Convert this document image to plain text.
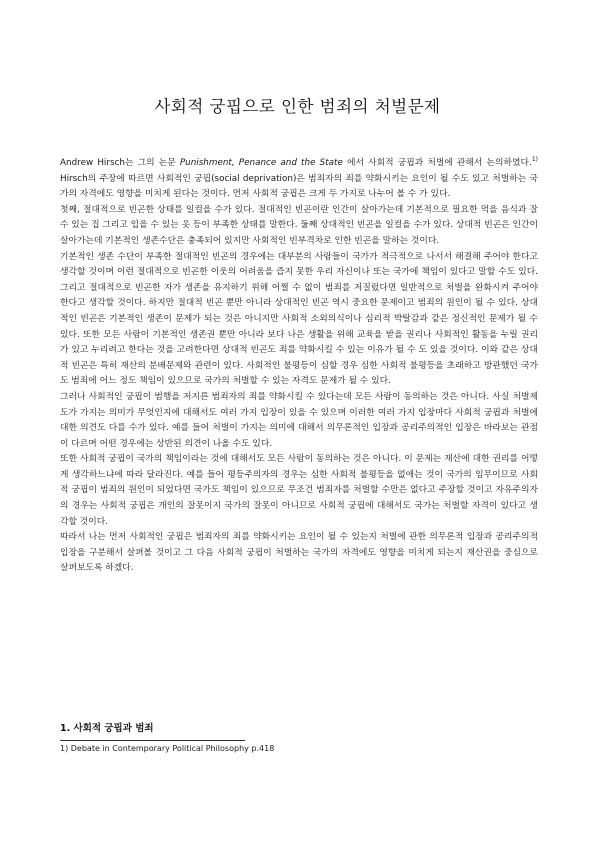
사회적 궁핍으로 인한 범죄의 처벌문제

Andrew Hirsch는 그의 논문 Punishment, Penance and the State 에서 사회적 궁핍과 처벌에 관해서 논의하였다.$^{1)}$ Hirsch의 주장에 따르면 사회적인 궁핍(social deprivation)은 범죄자의 죄를 약화시키는 요인이 될 수도 있고 처벌하는 국가의 자격에도 영향을 미치게 된다는 것이다. 먼저 사회적 궁핍은 크게 두 가지로 나누어 볼 수 가 있다.

첫째, 절대적으로 빈곤한 상태를 일컬을 수가 있다. 절대적인 빈곤이란 인간이 살아가는데 기본적으로 필요한 먹을 음식과 잘 수 있는 집 그리고 입을 수 있는 옷 등이 부족한 상태를 말한다. 둘째 상대적인 빈곤을 일컬을 수가 있다. 상대적 빈곤은 인간이 살아가는데 기본적인 생존수단은 충족되어 있지만 사회적인 빈부격차로 인한 빈곤을 말하는 것이다.

기본적인 생존 수단이 부족한 절대적인 빈곤의 경우에는 대부분의 사람들이 국가가 적극적으로 나서서 해결해 주어야 한다고 생각할 것이며 이런 절대적으로 빈곤한 이웃의 어려움을 즙지 못한 우리 자신이나 또는 국가에 책임이 있다고 말할 수도 있다. 그리고 절대적으로 빈곤한 자가 생존을 유지하기 위해 어쩔 수 없이 범죄를 저질렀다면 일반적으로 처벌을 완화시켜 주어야 한다고 생각할 것이다. 하지만 절대적 빈곤 뿐만 아니라 상대적인 빈곤 역시 중요한 문제이고 범죄의 원인이 될 수 있다. 상대적인 빈곤은 기본적인 생존이 문제가 되는 것은 아니지만 사회적 소외의식이나 심리적 박탈감과 같은 정신적인 문제가 될 수 있다. 또한 모든 사람이 기본적인 생존권 뿐만 아니라 보다 나은 생활을 위해 교육을 받을 권리나 사회적인 활동을 누릴 권리가 있고 누리려고 한다는 것을 고려한다면 상대적 빈곤도 죄를 약화시킬 수 있는 이유가 될 수 도 있을 것이다. 이와 같은 상대적 빈곤은 특히 재산의 분배문제와 관련이 있다. 사회적인 불평등이 심할 경우 심한 사회적 불평등을 초래하고 방관했던 국가도 범죄에 어느 정도 책임이 있으므로 국가의 처벌할 수 있는 자격도 문제가 될 수 있다.

그러나 사회적인 궁핍이 범행을 저지른 범죄자의 죄를 약화시킬 수 있다는데 모든 사람이 동의하는 것은 아니다. 사실 처벌제도가 가지는 의미가 무엇인지에 대해서도 여러 가지 입장이 있을 수 있으며 이러한 여러 가지 입장마다 사회적 궁핍과 처벌에 대한 의견도 다를 수가 있다. 예를 들어 처벌이 가지는 의미에 대해서 의무론적인 입장과 공리주의적인 입장은 바라보는 관점이 다르며 어떤 경우에는 상반된 의견이 나올 수도 있다.

또한 사회적 궁핍이 국가의 책임이라는 것에 대해서도 모든 사람이 동의하는 것은 아니다. 이 문제는 재산에 대한 권리를 어떻게 생각하느냐에 따라 달라진다. 예를 들어 평등주의자의 경우는 심한 사회적 불평등을 없애는 것이 국가의 임무이므로 사회적 궁핍이 범죄의 원인이 되었다면 국가도 책임이 있으므로 무조건 범죄자를 처벌할 수만은 없다고 주장할 것이고 자유주의자의 경우는 사회적 궁핍은 개인의 잘못이지 국가의 잘못이 아니므로 사회적 궁핍에 대해서도 국가는 처벌할 자격이 있다고 생각할 것이다.

따라서 나는 먼저 사회적인 궁핍은 범죄자의 죄를 약화시키는 요인이 될 수 있는지 처벌에 관한 의무론적 입장과 공리주의적 입장을 구분해서 살펴볼 것이고 그 다음 사회적 궁핍이 처벌하는 국가의 자격에도 영향을 미치게 되는지 재산권을 중심으로 살펴보도록 하겠다.

1. 사회적 궁핍과 범죄
1) Debate in Contemporary Political Philosophy p.418
